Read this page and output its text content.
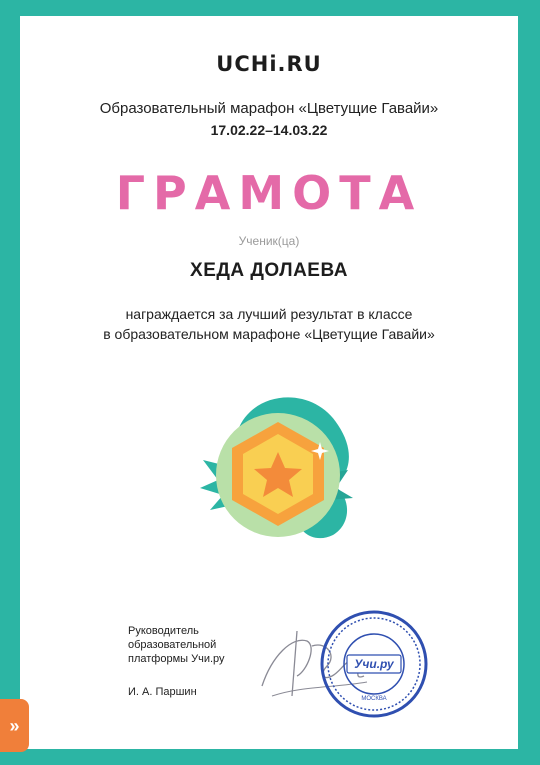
UCHi.RU
Образовательный марафон «Цветущие Гавайи»
17.02.22–14.03.22
ГРАМОТА
Ученик(ца)
ХЕДА ДОЛАЕВА
награждается за лучший результат в классе
в образовательном марафоне «Цветущие Гавайи»
Руководитель
образовательной
платформы Учи.ру
И. А. Паршин
Учи.ру
МОСКВА
»
